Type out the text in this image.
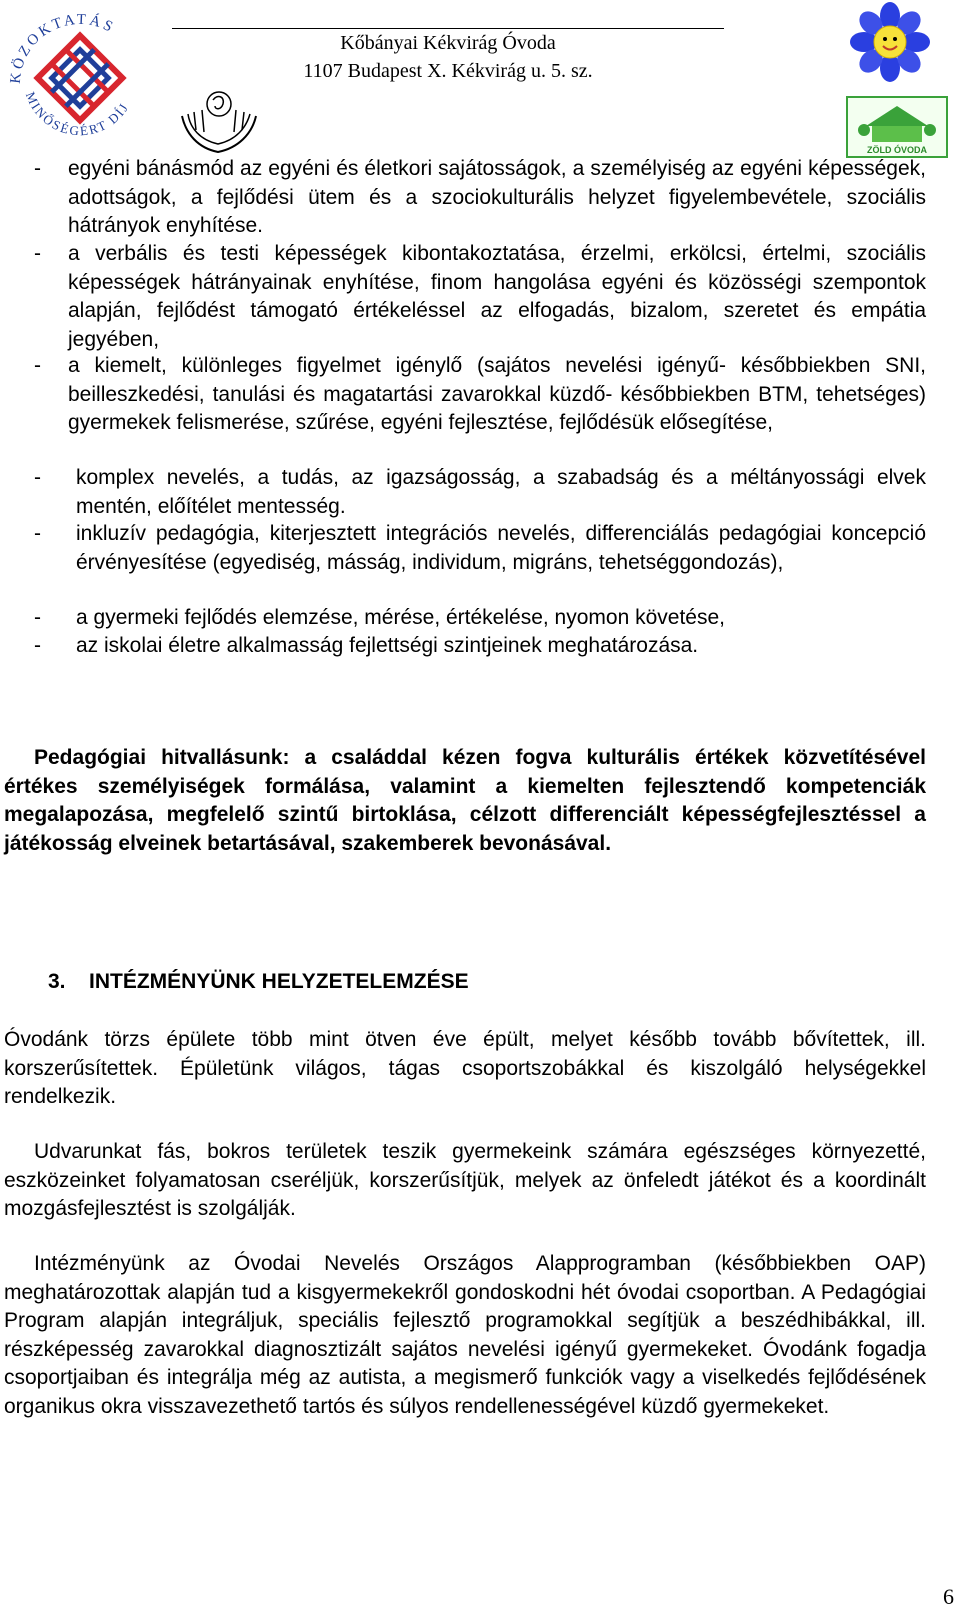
KÖZOKTATÁS
MINŐSÉGÉRT DÍJ
Kőbányai Kékvirág Óvoda
1107 Budapest X. Kékvirág u. 5. sz.
ZÖLD ÓVODA
- egyéni bánásmód az egyéni és életkori sajátosságok, a személyiség az egyéni képességek, adottságok, a fejlődési ütem és a szociokulturális helyzet figyelembevétele, szociális hátrányok enyhítése.
- a verbális és testi képességek kibontakoztatása, érzelmi, erkölcsi, értelmi, szociális képességek hátrányainak enyhítése, finom hangolása egyéni és közösségi szempontok alapján, fejlődést támogató értékeléssel az elfogadás, bizalom, szeretet és empátia jegyében,
- a kiemelt, különleges figyelmet igénylő (sajátos nevelési igényű- későbbiekben SNI, beilleszkedési, tanulási és magatartási zavarokkal küzdő- későbbiekben BTM, tehetséges) gyermekek felismerése, szűrése, egyéni fejlesztése, fejlődésük elősegítése,
- komplex nevelés, a tudás, az igazságosság, a szabadság és a méltányossági elvek mentén, előítélet mentesség.
- inkluzív pedagógia, kiterjesztett integrációs nevelés, differenciálás pedagógiai koncepció érvényesítése (egyediség, másság, individum, migráns, tehetséggondozás),
- a gyermeki fejlődés elemzése, mérése, értékelése, nyomon követése,
- az iskolai életre alkalmasság fejlettségi szintjeinek meghatározása.
Pedagógiai hitvallásunk: a családdal kézen fogva kulturális értékek közvetítésével értékes személyiségek formálása, valamint a kiemelten fejlesztendő kompetenciák megalapozása, megfelelő szintű birtoklása, célzott differenciált képességfejlesztéssel a játékosság elveinek betartásával, szakemberek bevonásával.
3. INTÉZMÉNYÜNK HELYZETELEMZÉSE
Óvodánk törzs épülete több mint ötven éve épült, melyet később tovább bővítettek, ill. korszerűsítettek. Épületünk világos, tágas csoportszobákkal és kiszolgáló helységekkel rendelkezik.
Udvarunkat fás, bokros területek teszik gyermekeink számára egészséges környezetté, eszközeinket folyamatosan cseréljük, korszerűsítjük, melyek az önfeledt játékot és a koordinált mozgásfejlesztést is szolgálják.
Intézményünk az Óvodai Nevelés Országos Alapprogramban (későbbiekben OAP) meghatározottak alapján tud a kisgyermekekről gondoskodni hét óvodai csoportban. A Pedagógiai Program alapján integráljuk, speciális fejlesztő programokkal segítjük a beszédhibákkal, ill. részképesség zavarokkal diagnosztizált sajátos nevelési igényű gyermekeket. Óvodánk fogadja csoportjaiban és integrálja még az autista, a megismerő funkciók vagy a viselkedés fejlődésének organikus okra visszavezethető tartós és súlyos rendellenességével küzdő gyermekeket.
6
